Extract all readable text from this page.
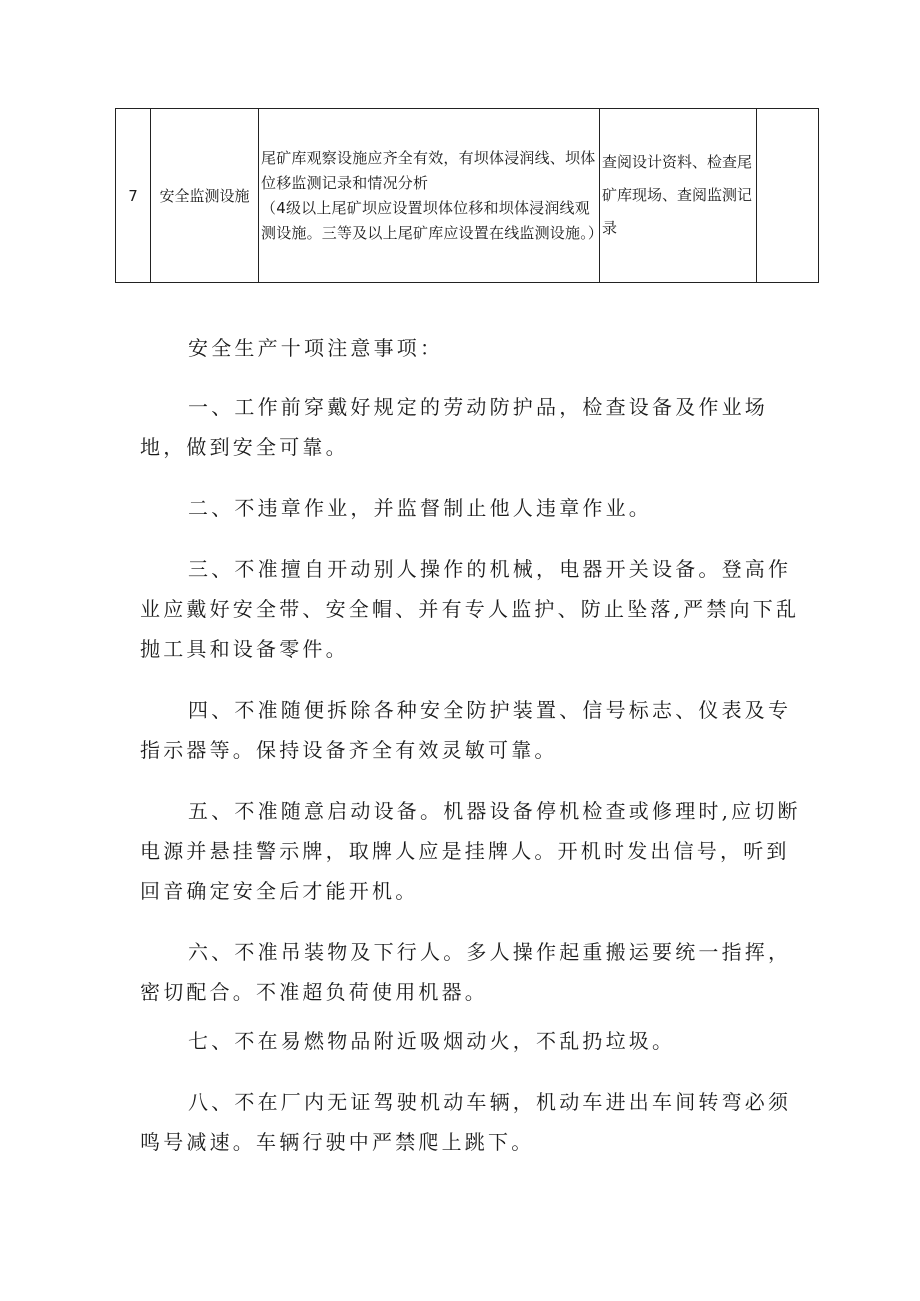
7	安全监测设施	尾矿库观察设施应齐全有效，有坝体浸润线、坝体位移监测记录和情况分析
（4级以上尾矿坝应设置坝体位移和坝体浸润线观测设施。三等及以上尾矿库应设置在线监测设施。）
	查阅设计资料、检查尾矿库现场、查阅监测记录	

安全生产十项注意事项：

一、工作前穿戴好规定的劳动防护品，检查设备及作业场地，做到安全可靠。

二、不违章作业，并监督制止他人违章作业。

三、不准擅自开动别人操作的机械，电器开关设备。登高作业应戴好安全带、安全帽、并有专人监护、防止坠落,严禁向下乱抛工具和设备零件。

四、不准随便拆除各种安全防护装置、信号标志、仪表及专指示器等。保持设备齐全有效灵敏可靠。

五、不准随意启动设备。机器设备停机检查或修理时,应切断电源并悬挂警示牌，取牌人应是挂牌人。开机时发出信号，听到回音确定安全后才能开机。

六、不准吊装物及下行人。多人操作起重搬运要统一指挥，密切配合。不准超负荷使用机器。

七、不在易燃物品附近吸烟动火，不乱扔垃圾。

八、不在厂内无证驾驶机动车辆，机动车进出车间转弯必须鸣号减速。车辆行驶中严禁爬上跳下。
